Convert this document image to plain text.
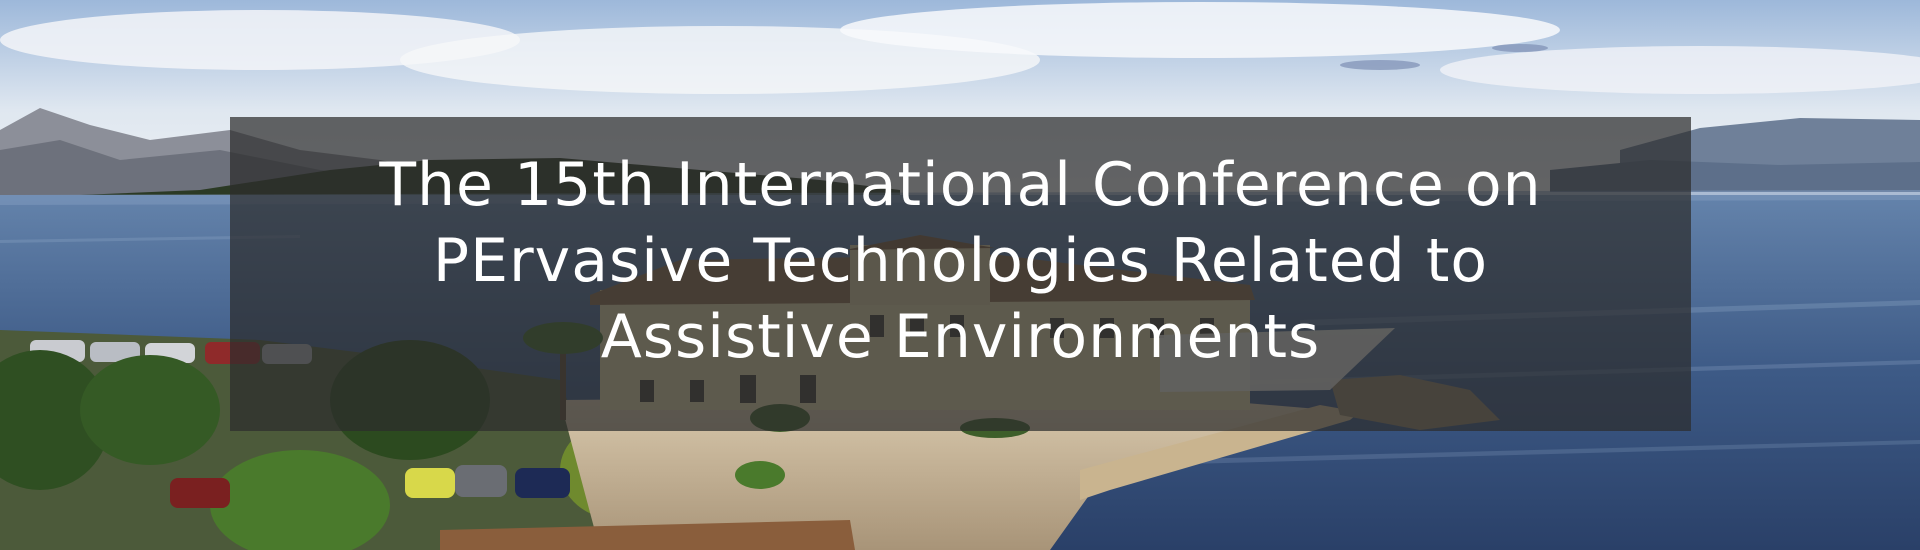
The 15th International Conference on PErvasive Technologies Related to Assistive Environments
